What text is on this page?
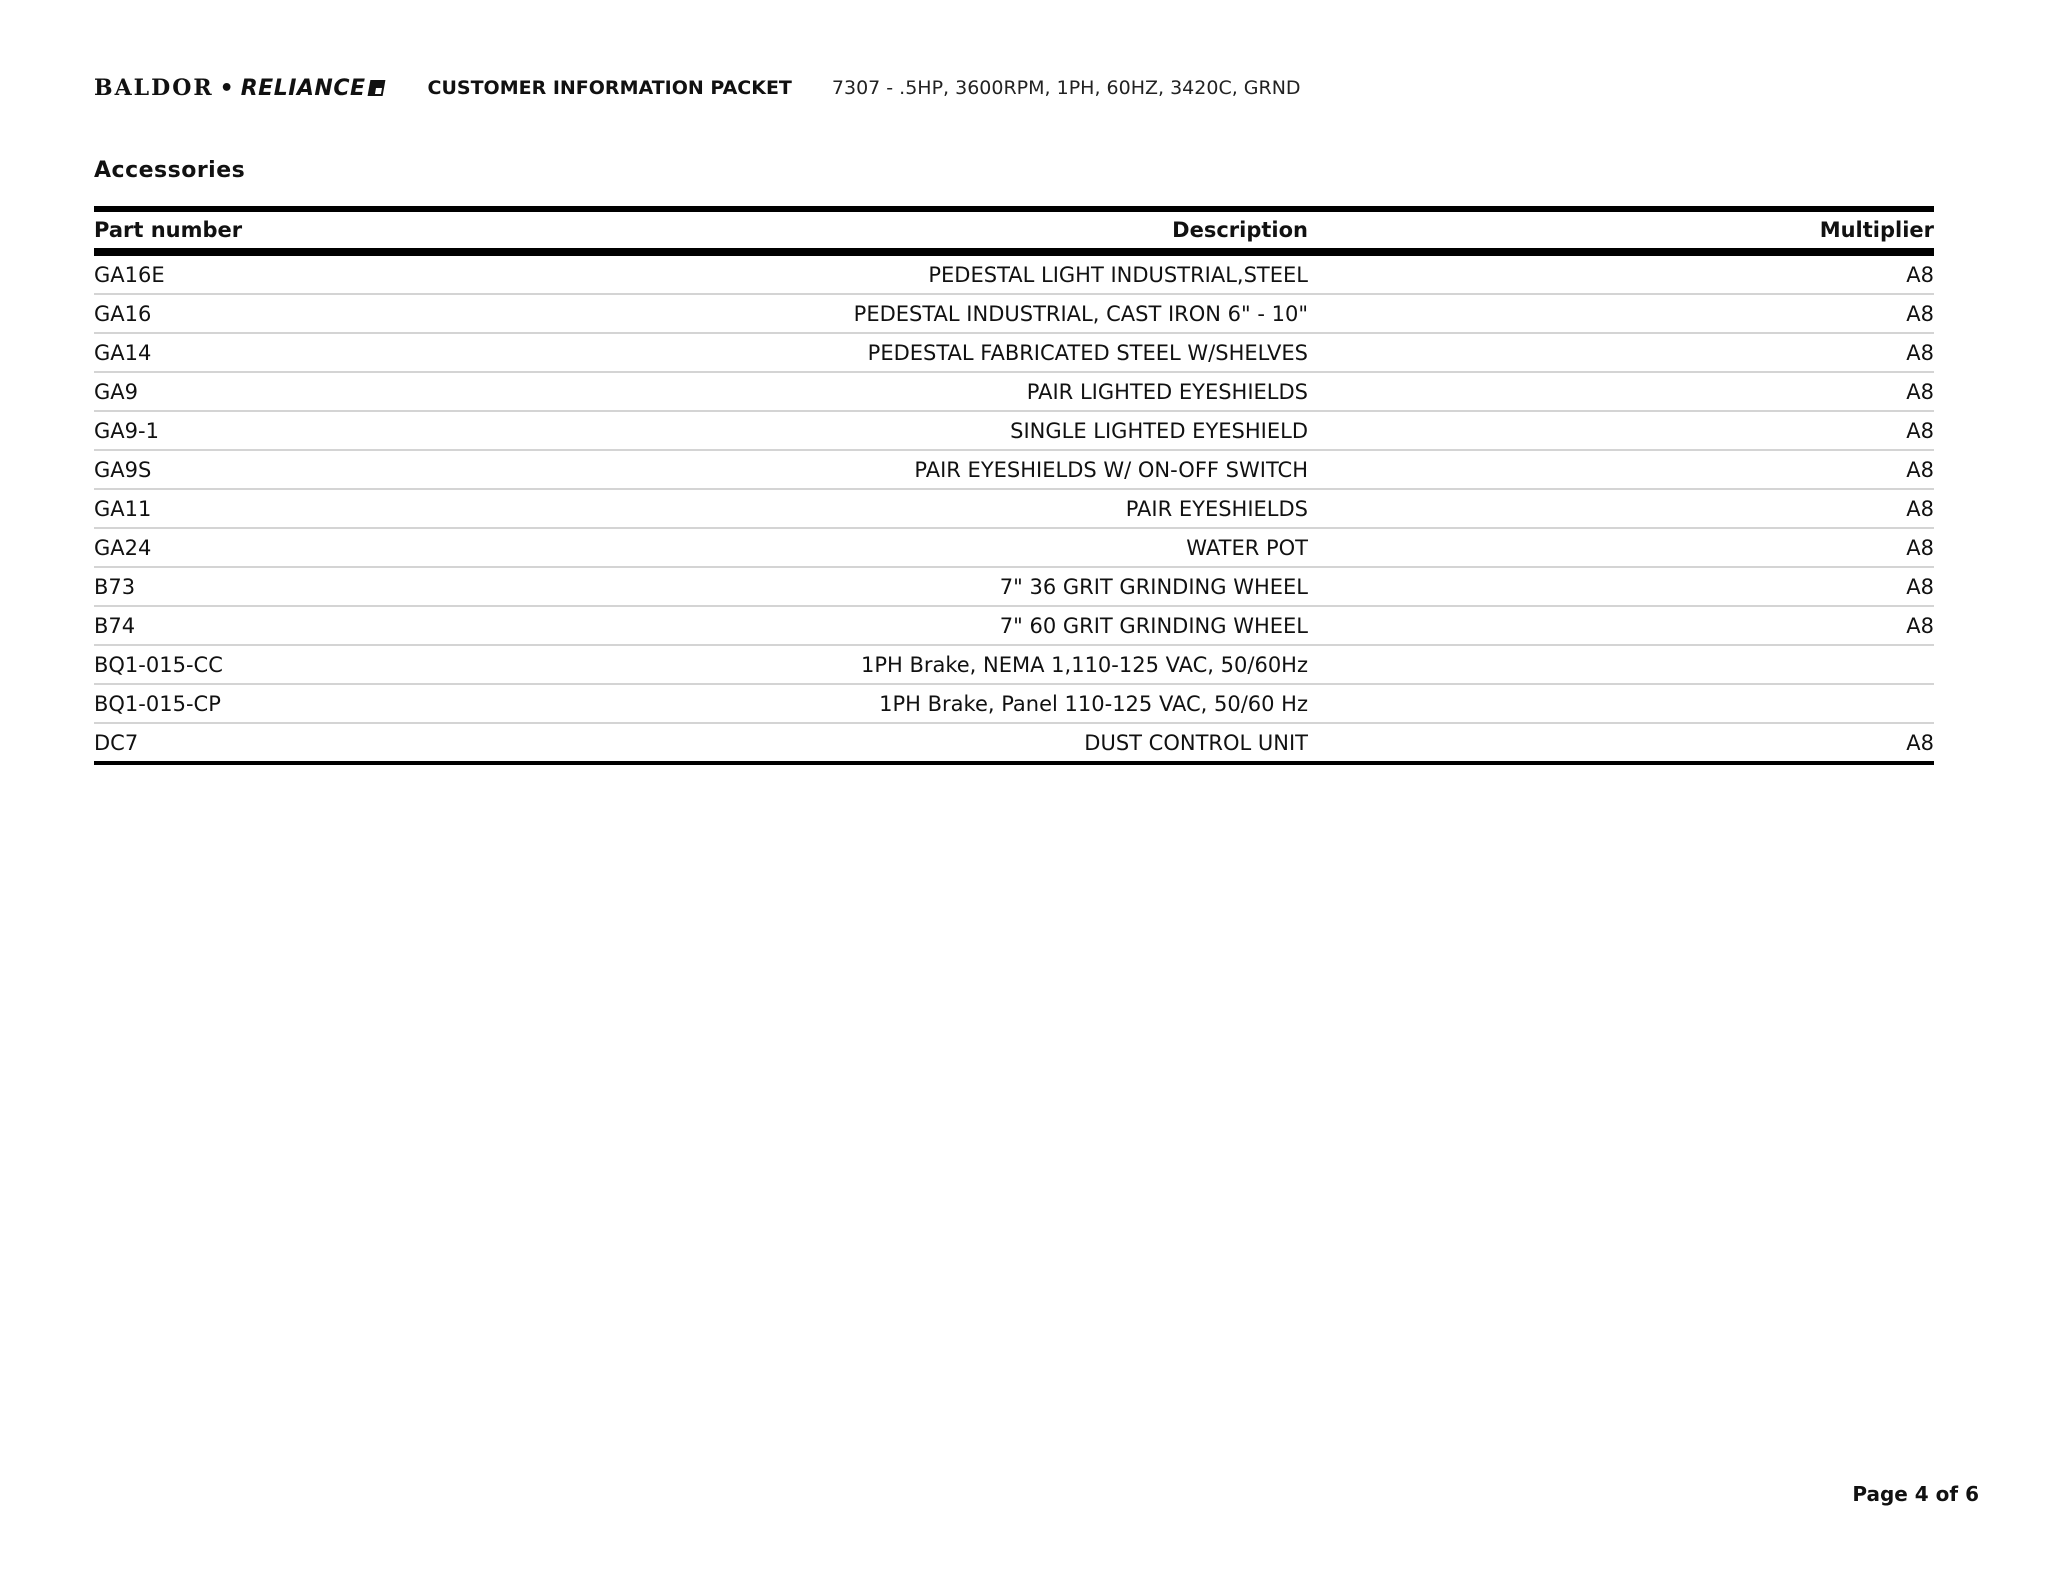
BALDOR • RELIANCE	CUSTOMER INFORMATION PACKET 7307 - .5HP, 3600RPM, 1PH, 60HZ, 3420C, GRND
Accessories
Part number	Description	Multiplier
GA16E	PEDESTAL LIGHT INDUSTRIAL,STEEL	A8
GA16	PEDESTAL INDUSTRIAL, CAST IRON 6" - 10"	A8
GA14	PEDESTAL FABRICATED STEEL W/SHELVES	A8
GA9	PAIR LIGHTED EYESHIELDS	A8
GA9-1	SINGLE LIGHTED EYESHIELD	A8
GA9S	PAIR EYESHIELDS W/ ON-OFF SWITCH	A8
GA11	PAIR EYESHIELDS	A8
GA24	WATER POT	A8
B73	7" 36 GRIT GRINDING WHEEL	A8
B74	7" 60 GRIT GRINDING WHEEL	A8
BQ1-015-CC	1PH Brake, NEMA 1,110-125 VAC, 50/60Hz	
BQ1-015-CP	1PH Brake, Panel 110-125 VAC, 50/60 Hz	
DC7	DUST CONTROL UNIT	A8
Page 4 of 6
